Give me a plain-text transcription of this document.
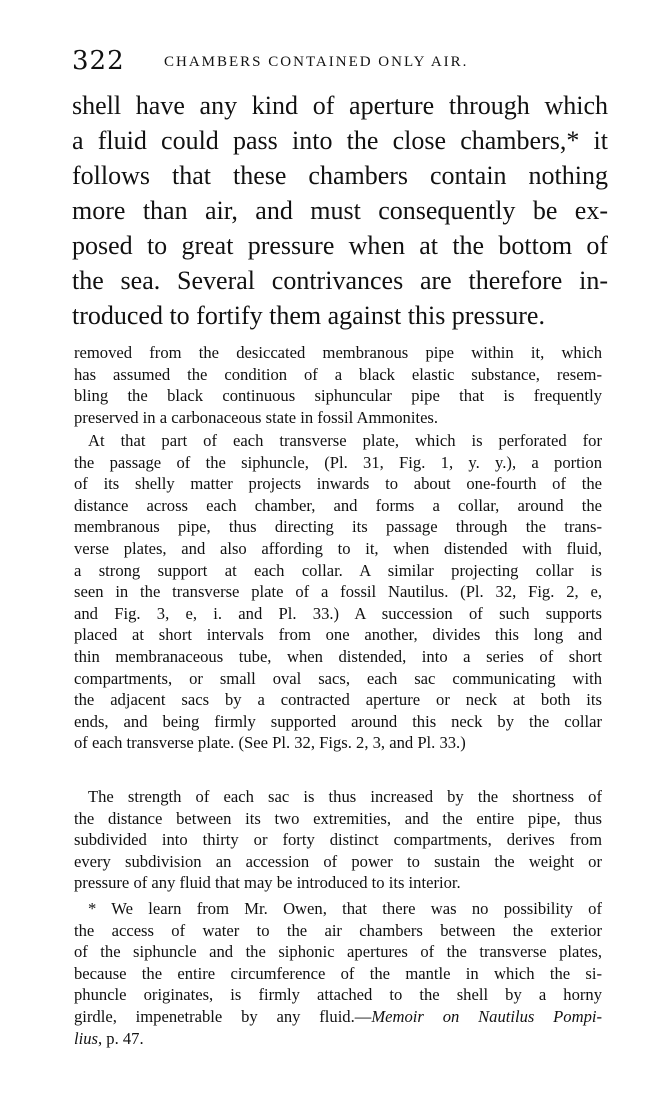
322	CHAMBERS CONTAINED ONLY AIR.
shell have any kind of aperture through which
a fluid could pass into the close chambers,* it
follows that these chambers contain nothing
more than air, and must consequently be ex-
posed to great pressure when at the bottom of
the sea. Several contrivances are therefore in-
troduced to fortify them against this pressure.
removed from the desiccated membranous pipe within it, which
has assumed the condition of a black elastic substance, resem-
bling the black continuous siphuncular pipe that is frequently
preserved in a carbonaceous state in fossil Ammonites.
At that part of each transverse plate, which is perforated for
the passage of the siphuncle, (Pl. 31, Fig. 1, y. y.), a portion
of its shelly matter projects inwards to about one-fourth of the
distance across each chamber, and forms a collar, around the
membranous pipe, thus directing its passage through the trans-
verse plates, and also affording to it, when distended with fluid,
a strong support at each collar. A similar projecting collar is
seen in the transverse plate of a fossil Nautilus. (Pl. 32, Fig. 2, e,
and Fig. 3, e, i. and Pl. 33.) A succession of such supports
placed at short intervals from one another, divides this long and
thin membranaceous tube, when distended, into a series of short
compartments, or small oval sacs, each sac communicating with
the adjacent sacs by a contracted aperture or neck at both its
ends, and being firmly supported around this neck by the collar
of each transverse plate. (See Pl. 32, Figs. 2, 3, and Pl. 33.)
The strength of each sac is thus increased by the shortness of
the distance between its two extremities, and the entire pipe, thus
subdivided into thirty or forty distinct compartments, derives from
every subdivision an accession of power to sustain the weight or
pressure of any fluid that may be introduced to its interior.
* We learn from Mr. Owen, that there was no possibility of
the access of water to the air chambers between the exterior
of the siphuncle and the siphonic apertures of the transverse plates,
because the entire circumference of the mantle in which the si-
phuncle originates, is firmly attached to the shell by a horny
girdle, impenetrable by any fluid.—Memoir on Nautilus Pompi-
lius, p. 47.
